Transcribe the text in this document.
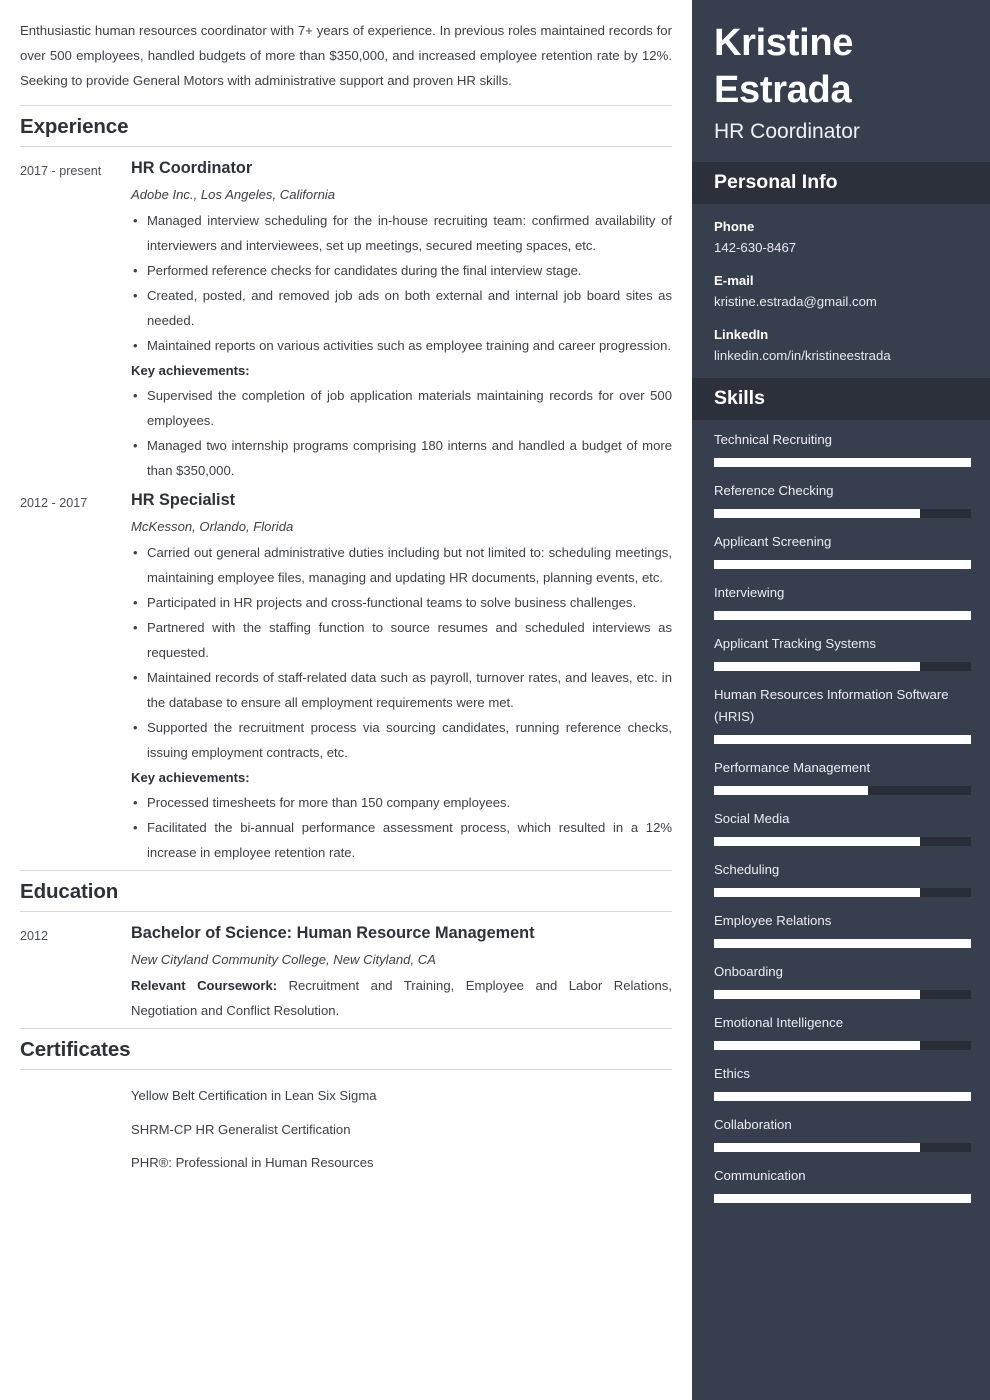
Enthusiastic human resources coordinator with 7+ years of experience. In previous roles maintained records for over 500 employees, handled budgets of more than $350,000, and increased employee retention rate by 12%. Seeking to provide General Motors with administrative support and proven HR skills.

Experience
2017 - present	HR Coordinator

Adobe Inc., Los Angeles, California

• Managed interview scheduling for the in-house recruiting team: confirmed availability of interviewers and interviewees, set up meetings, secured meeting spaces, etc.
• Performed reference checks for candidates during the final interview stage.
• Created, posted, and removed job ads on both external and internal job board sites as needed.
• Maintained reports on various activities such as employee training and career progression.

Key achievements:

• Supervised the completion of job application materials maintaining records for over 500 employees.
• Managed two internship programs comprising 180 interns and handled a budget of more than $350,000.
2012 - 2017	HR Specialist

McKesson, Orlando, Florida

• Carried out general administrative duties including but not limited to: scheduling meetings, maintaining employee files, managing and updating HR documents, planning events, etc.
• Participated in HR projects and cross-functional teams to solve business challenges.
• Partnered with the staffing function to source resumes and scheduled interviews as requested.
• Maintained records of staff-related data such as payroll, turnover rates, and leaves, etc. in the database to ensure all employment requirements were met.
• Supported the recruitment process via sourcing candidates, running reference checks, issuing employment contracts, etc.

Key achievements:

• Processed timesheets for more than 150 company employees.
• Facilitated the bi-annual performance assessment process, which resulted in a 12% increase in employee retention rate.
Education
2012	Bachelor of Science: Human Resource Management

New Cityland Community College, New Cityland, CA

Relevant Coursework: Recruitment and Training, Employee and Labor Relations, Negotiation and Conflict Resolution.

Certificates
Yellow Belt Certification in Lean Six Sigma
SHRM-CP HR Generalist Certification
PHR®: Professional in Human Resources
Kristine
Estrada

HR Coordinator

Personal Info
Phone
142-630-8467
E-mail
kristine.estrada@gmail.com
LinkedIn
linkedin.com/in/kristineestrada
Skills
Technical Recruiting
Reference Checking
Applicant Screening
Interviewing
Applicant Tracking Systems
Human Resources Information Software (HRIS)
Performance Management
Social Media
Scheduling
Employee Relations
Onboarding
Emotional Intelligence
Ethics
Collaboration
Communication
